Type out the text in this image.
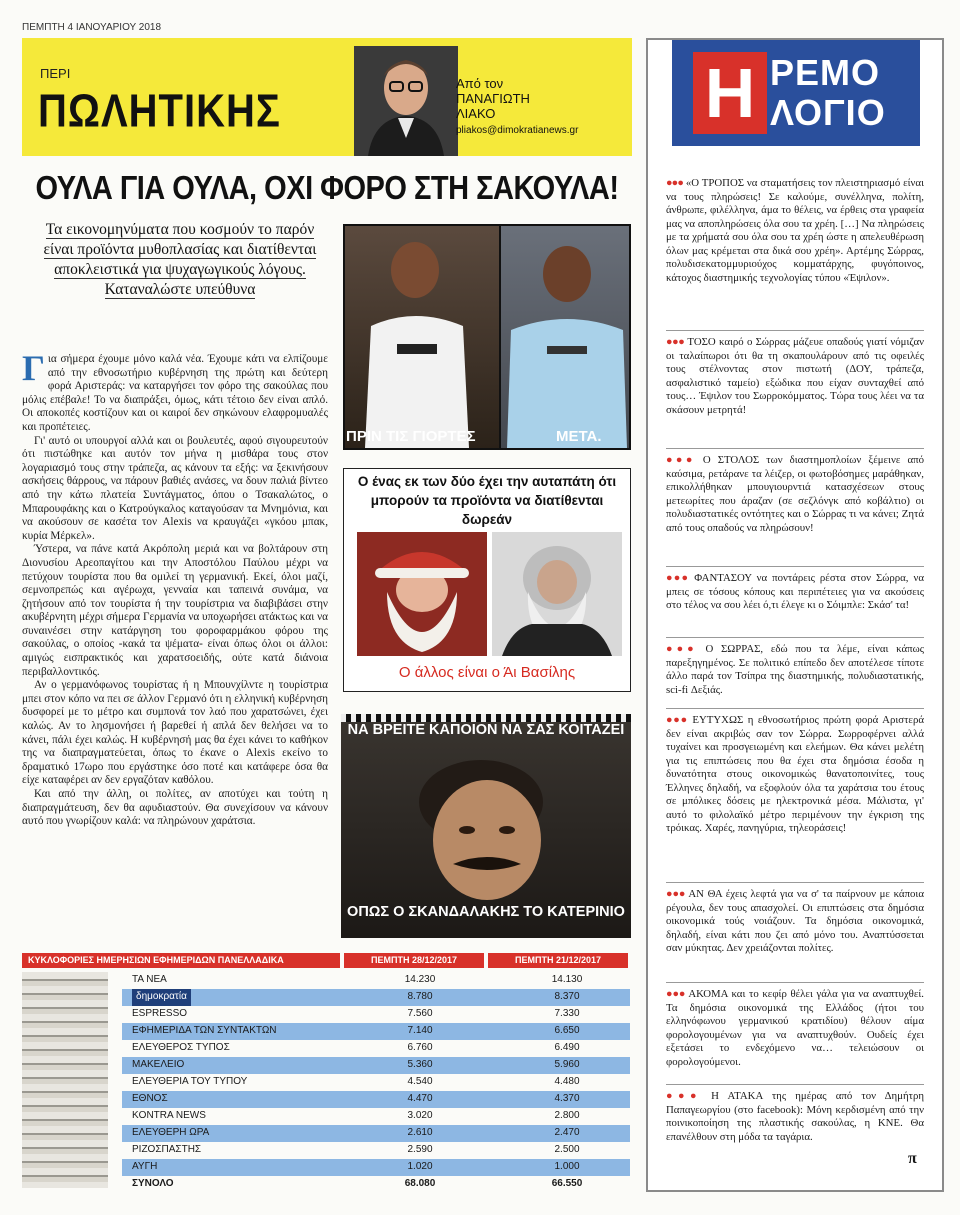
ΠΕΜΠΤΗ 4 ΙΑΝΟΥΑΡΙΟΥ 2018
ΠΕΡΙ
ΠΩΛΗΤΙΚΗΣ
Από τον
ΠΑΝΑΓΙΩΤΗ
ΛΙΑΚΟ
pliakos@dimokratianews.gr
ΟΥΛΑ ΓΙΑ ΟΥΛΑ, ΟΧΙ ΦΟΡΟ ΣΤΗ ΣΑΚΟΥΛΑ!
Τα εικονομηνύματα που κοσμούν το παρόν είναι προϊόντα μυθοπλασίας και διατίθενται αποκλειστικά για ψυχαγωγικούς λόγους. Καταναλώστε υπεύθυνα

Για σήμερα έχουμε μόνο καλά νέα. Έχουμε κάτι να ελπίζουμε από την εθνοσωτήριο κυβέρνηση της πρώτη και δεύτερη φορά Αριστεράς: να καταργήσει τον φόρο της σακούλας που μόλις επέβαλε! Το να διαπράξει, όμως, κάτι τέτοιο δεν είναι απλό. Οι αποκοπές κοστίζουν και οι καιροί δεν σηκώνουν ελαφρομυαλές και προπέτειες.

Γι' αυτό οι υπουργοί αλλά και οι βουλευτές, αφού σιγουρευτούν ότι πιστώθηκε και αυτόν τον μήνα η μισθάρα τους στον λογαριασμό τους στην τράπεζα, ας κάνουν τα εξής: να ξεκινήσουν ασκήσεις θάρρους, να πάρουν βαθιές ανάσες, να δουν παλιά βίντεο από την κάτω πλατεία Συντάγματος, όπου ο Τσακαλώτος, ο Μπαρουφάκης και ο Κατρούγκαλος καταγούσαν τα Μνημόνια, και να ακούσουν σε κασέτα τον Alexis να κραυγάζει «γκόου μπακ, κυρία Μέρκελ».

Ύστερα, να πάνε κατά Ακρόπολη μεριά και να βολτάρουν στη Διονυσίου Αρεοπαγίτου και την Αποστόλου Παύλου μέχρι να πετύχουν τουρίστα που θα ομιλεί τη γερμανική. Εκεί, όλοι μαζί, σεμνοπρεπώς και αγέρωχα, γενναία και ταπεινά συνάμα, να ζητήσουν από τον τουρίστα ή την τουρίστρια να διαβιβάσει στην ακυβέρνητη μέχρι σήμερα Γερμανία να υποχωρήσει ατάκτως και να συναινέσει στην κατάργηση του φοροφαρμάκου φόρου της σακούλας, ο οποίος -κακά τα ψέματα- είναι όπως όλοι οι άλλοι: αμιγώς εισπρακτικός και χαρατσοειδής, ούτε κατά διάνοια περιβαλλοντικός.

Αν ο γερμανόφωνος τουρίστας ή η Μπουνχίλντε η τουρίστρια μπει στον κόπο να πει σε άλλον Γερμανό ότι η ελληνική κυβέρνηση δυσφορεί με το μέτρο και συμπονά τον λαό που χαρατσώνει, έχει καλώς. Αν το λησμονήσει ή βαρεθεί ή απλά δεν θελήσει να το κάνει, πάλι έχει καλώς. Η κυβέρνησή μας θα έχει κάνει το καθήκον της να διαπραγματεύεται, όπως το έκανε ο Alexis εκείνο το δραματικό 17ωρο που εργάστηκε όσο ποτέ και κατάφερε όσα θα είχε καταφέρει αν δεν εργαζόταν καθόλου.

Και από την άλλη, οι πολίτες, αν αποτύχει και τούτη η διαπραγμάτευση, δεν θα αφυδιαστούν. Θα συνεχίσουν να κάνουν αυτό που γνωρίζουν καλά: να πληρώνουν χαράτσια.

ΠΡΙΝ ΤΙΣ ΓΙΟΡΤΕΣ	ΜΕΤΑ.
Ο ένας εκ των δύο έχει την αυταπάτη ότι μπορούν τα προϊόντα να διατίθενται δωρεάν
Ο άλλος είναι ο Άι Βασίλης
ΝΑ ΒΡΕΙΤΕ ΚΑΠΟΙΟΝ ΝΑ ΣΑΣ ΚΟΙΤΑΖΕΙ
ΟΠΩΣ Ο ΣΚΑΝΔΑΛΑΚΗΣ ΤΟ ΚΑΤΕΡΙΝΙΟ
ΚΥΚΛΟΦΟΡΙΕΣ ΗΜΕΡΗΣΙΩΝ ΕΦΗΜΕΡΙΔΩΝ ΠΑΝΕΛΛΑΔΙΚΑ	ΠΕΜΠΤΗ 28/12/2017	ΠΕΜΠΤΗ 21/12/2017
ΤΑ ΝΕΑ	14.230	14.130
δημοκρατία	8.780	8.370
ESPRESSO	7.560	7.330
ΕΦΗΜΕΡΙΔΑ ΤΩΝ ΣΥΝΤΑΚΤΩΝ	7.140	6.650
ΕΛΕΥΘΕΡΟΣ ΤΥΠΟΣ	6.760	6.490
ΜΑΚΕΛΕΙΟ	5.360	5.960
ΕΛΕΥΘΕΡΙΑ ΤΟΥ ΤΥΠΟΥ	4.540	4.480
ΕΘΝΟΣ	4.470	4.370
KONTRA NEWS	3.020	2.800
ΕΛΕΥΘΕΡΗ ΩΡΑ	2.610	2.470
ΡΙΖΟΣΠΑΣΤΗΣ	2.590	2.500
ΑΥΓΗ	1.020	1.000
ΣΥΝΟΛΟ	68.080	66.550
Η ΡΕΜΟ
ΛΟΓΙΟ
●●● «Ο ΤΡΟΠΟΣ να σταματήσεις τον πλειστηριασμό είναι να τους πληρώσεις! Σε καλούμε, συνέλληνα, πολίτη, άνθρωπε, φιλέλληνα, άμα το θέλεις, να έρθεις στα γραφεία μας να αποπληρώσεις όλα σου τα χρέη. […] Να πληρώσεις με τα χρήματά σου όλα σου τα χρέη ώστε η απελευθέρωση όλων μας κρέμεται στα δικά σου χρέη». Αρτέμης Σώρρας, πολυδισεκατομμυριούχος κομματάρχης, φυγόποινος, κάτοχος διαστημικής τεχνολογίας τύπου «Έψιλον».
●●● ΤΟΣΟ καιρό ο Σώρρας μάζευε οπαδούς γιατί νόμιζαν οι ταλαίπωροι ότι θα τη σκαπουλάρουν από τις οφειλές τους στέλνοντας στον πιστωτή (ΔΟΥ, τράπεζα, ασφαλιστικό ταμείο) εξώδικα που είχαν συνταχθεί από τους… Έψιλον του Σωρροκόμματος. Τώρα τους λέει να τα σκάσουν μετρητά!
●●● Ο ΣΤΟΛΟΣ των διαστημοπλοίων ξέμεινε από καύσιμα, ρετάρανε τα λέιζερ, οι φωτοβόσημες μαράθηκαν, επικολλήθηκαν μπουγιουρντιά κατασχέσεων στους μετεωρίτες που άραζαν (σε σεζλόνγκ από κοβάλτιο) οι πολυδιαστατικές οντότητες και ο Σώρρας τι να κάνει; Ζητά από τους οπαδούς να πληρώσουν!
●●● ΦΑΝΤΑΣΟΥ να ποντάρεις ρέστα στον Σώρρα, να μπεις σε τόσους κόπους και περιπέτειες για να ακούσεις στο τέλος να σου λέει ό,τι έλεγε κι ο Σόιμπλε: Σκάσ' τα!
●●● Ο ΣΩΡΡΑΣ, εδώ που τα λέμε, είναι κάπως παρεξηγημένος. Σε πολιτικό επίπεδο δεν αποτέλεσε τίποτε άλλο παρά τον Τσίπρα της διαστημικής, πολυδιαστατικής, sci-fi Δεξιάς.
●●● ΕΥΤΥΧΩΣ η εθνοσωτήριος πρώτη φορά Αριστερά δεν είναι ακριβώς σαν τον Σώρρα. Σωρροφέρνει αλλά τυχαίνει και προσγειωμένη και ελεήμων. Θα κάνει μελέτη για τις επιπτώσεις που θα έχει στα δημόσια έσοδα η δυνατότητα στους οικονομικώς θανατοποινίτες, τους Έλληνες δηλαδή, να εξοφλούν όλα τα χαράτσια του έτους σε μπόλικες δόσεις με ηλεκτρονικά μέσα. Μάλιστα, γι' αυτό το φιλολαϊκό μέτρο περιμένουν την έγκριση της τρόικας. Χαρές, πανηγύρια, τηλεοράσεις!
●●● ΑΝ ΘΑ έχεις λεφτά για να σ' τα παίρνουν με κάποια ρέγουλα, δεν τους απασχολεί. Οι επιπτώσεις στα δημόσια οικονομικά τούς νοιάζουν. Τα δημόσια οικονομικά, δηλαδή, είναι κάτι που ζει από μόνο του. Αναπτύσσεται σαν μύκητας. Δεν χρειάζονται πολίτες.
●●● ΑΚΟΜΑ και το κεφίρ θέλει γάλα για να αναπτυχθεί. Τα δημόσια οικονομικά της Ελλάδος (ήτοι του ελληνόφωνου γερμανικού κρατιδίου) θέλουν αίμα φορολογουμένων για να αναπτυχθούν. Ουδείς έχει εξετάσει το ενδεχόμενο να… τελειώσουν οι φορολογούμενοι.
●●● Η ΑΤΑΚΑ της ημέρας από τον Δημήτρη Παπαγεωργίου (στο facebook): Μόνη κερδισμένη από την ποινικοποίηση της πλαστικής σακούλας, η ΚΝΕ. Θα επανέλθουν στη μόδα τα ταγάρια.
π
